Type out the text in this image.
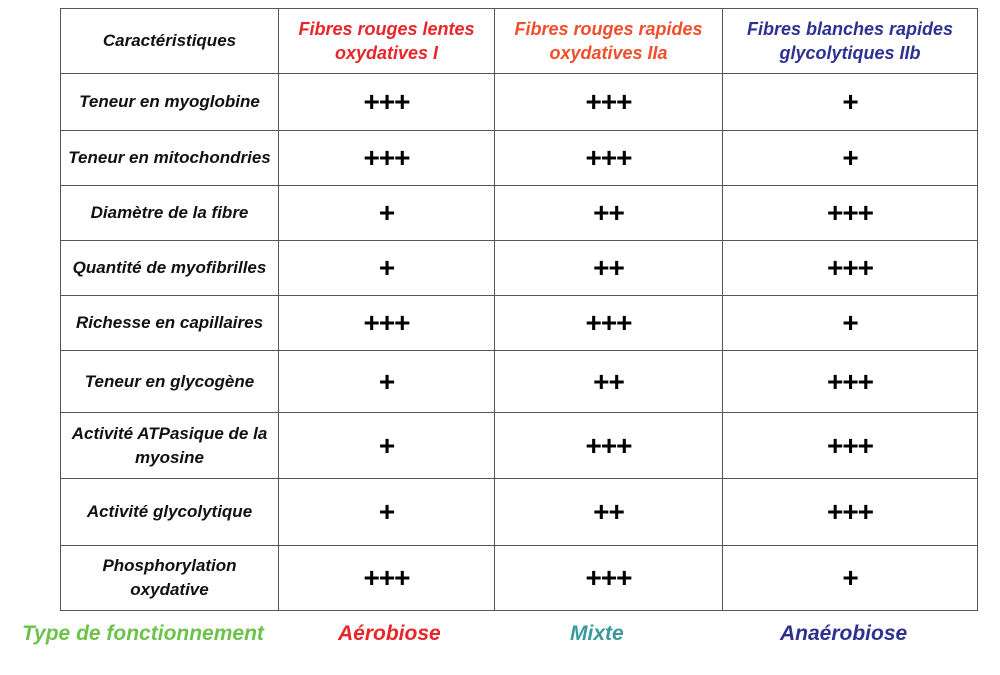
Caractéristiques	Fibres rouges lentes oxydatives I	Fibres rouges rapides oxydatives IIa	Fibres blanches rapides glycolytiques IIb
Teneur en myoglobine	+++	+++	+
Teneur en mitochondries	+++	+++	+
Diamètre de la fibre	+	++	+++
Quantité de myofibrilles	+	++	+++
Richesse en capillaires	+++	+++	+
Teneur en glycogène	+	++	+++
Activité ATPasique de la myosine	+	+++	+++
Activité glycolytique	+	++	+++
Phosphorylation oxydative	+++	+++	+
Type de fonctionnement	Aérobiose	Mixte	Anaérobiose
